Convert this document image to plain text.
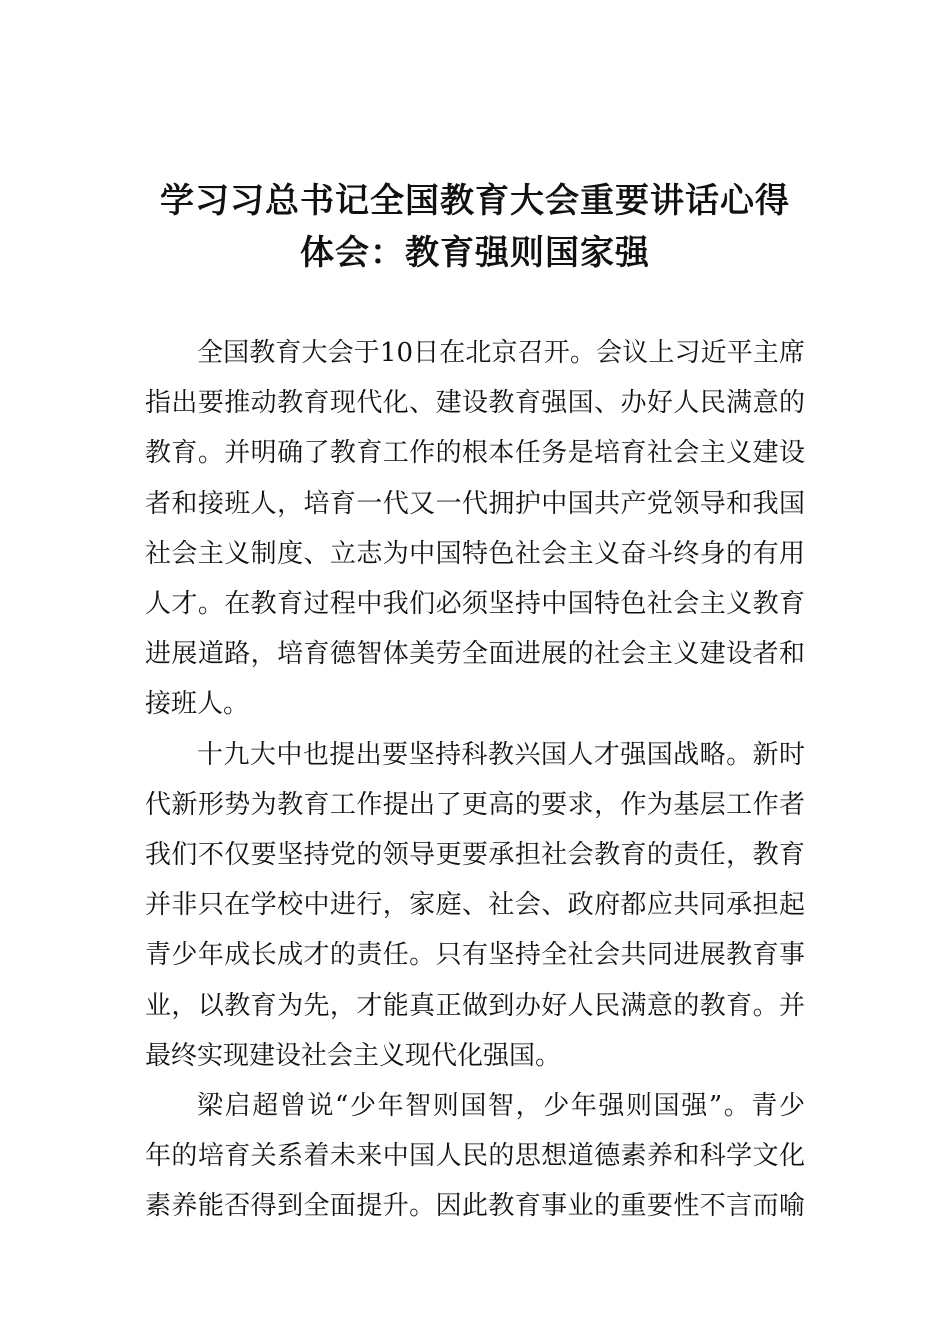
学习习总书记全国教育大会重要讲话心得
体会：教育强则国家强

全国教育大会于10日在北京召开。会议上习近平主席
指出要推动教育现代化、建设教育强国、办好人民满意的
教育。并明确了教育工作的根本任务是培育社会主义建设
者和接班人，培育一代又一代拥护中国共产党领导和我国
社会主义制度、立志为中国特色社会主义奋斗终身的有用
人才。在教育过程中我们必须坚持中国特色社会主义教育
进展道路，培育德智体美劳全面进展的社会主义建设者和
接班人。

十九大中也提出要坚持科教兴国人才强国战略。新时
代新形势为教育工作提出了更高的要求，作为基层工作者
我们不仅要坚持党的领导更要承担社会教育的责任，教育
并非只在学校中进行，家庭、社会、政府都应共同承担起
青少年成长成才的责任。只有坚持全社会共同进展教育事
业，以教育为先，才能真正做到办好人民满意的教育。并
最终实现建设社会主义现代化强国。

梁启超曾说“少年智则国智，少年强则国强”。青少
年的培育关系着未来中国人民的思想道德素养和科学文化
素养能否得到全面提升。因此教育事业的重要性不言而喻
